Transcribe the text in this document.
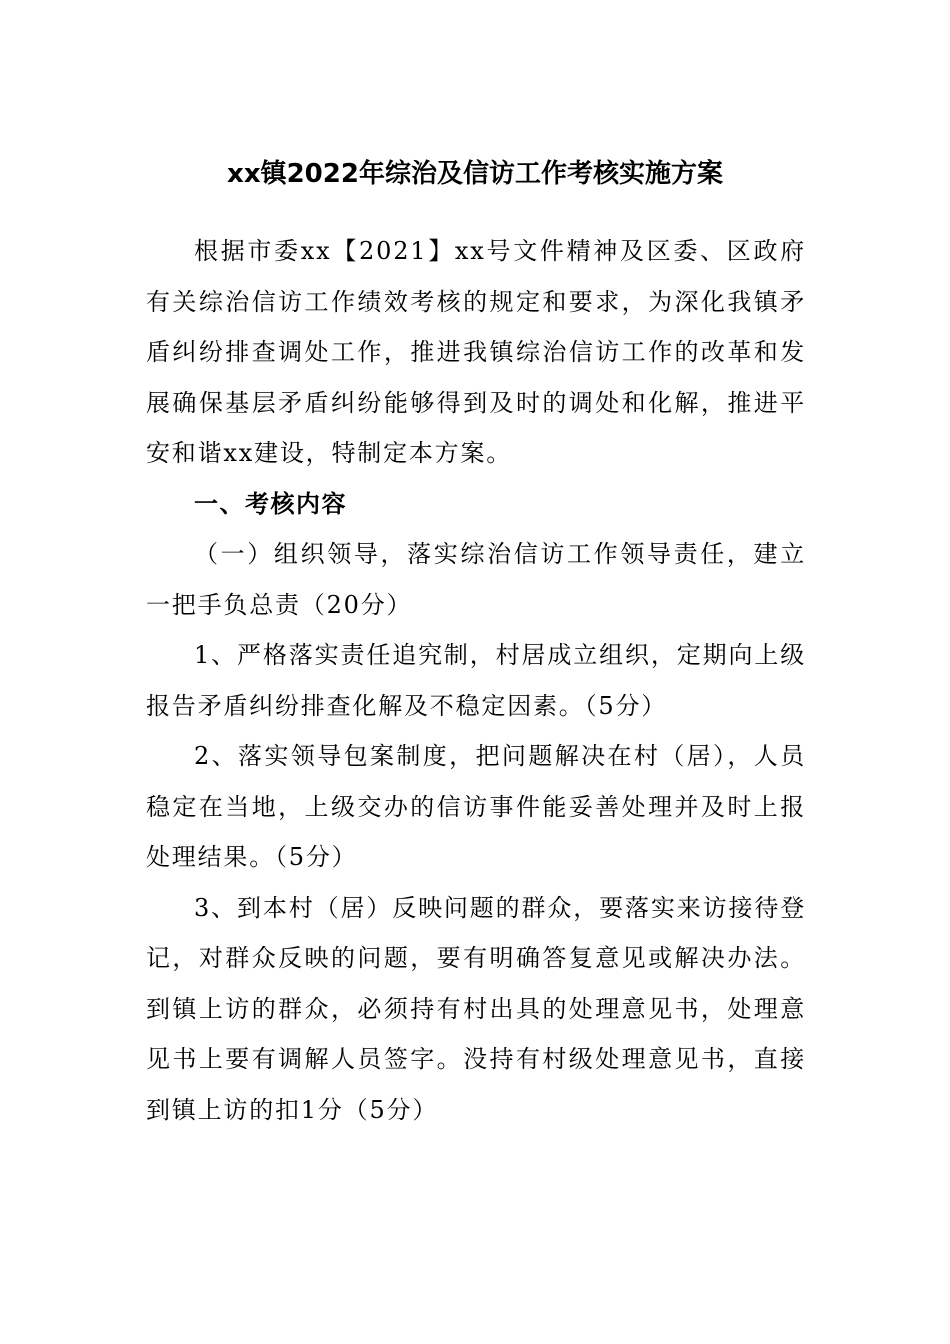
xx镇2022年综治及信访工作考核实施方案

根据市委xx【2021】xx号文件精神及区委、区政府有关综治信访工作绩效考核的规定和要求，为深化我镇矛盾纠纷排查调处工作，推进我镇综治信访工作的改革和发展确保基层矛盾纠纷能够得到及时的调处和化解，推进平安和谐xx建设，特制定本方案。

一、考核内容

（一）组织领导，落实综治信访工作领导责任，建立一把手负总责（20分）

1、严格落实责任追究制，村居成立组织，定期向上级报告矛盾纠纷排查化解及不稳定因素。（5分）

2、落实领导包案制度，把问题解决在村（居），人员稳定在当地，上级交办的信访事件能妥善处理并及时上报处理结果。（5分）

3、到本村（居）反映问题的群众，要落实来访接待登记，对群众反映的问题，要有明确答复意见或解决办法。到镇上访的群众，必须持有村出具的处理意见书，处理意见书上要有调解人员签字。没持有村级处理意见书，直接到镇上访的扣1分（5分）
